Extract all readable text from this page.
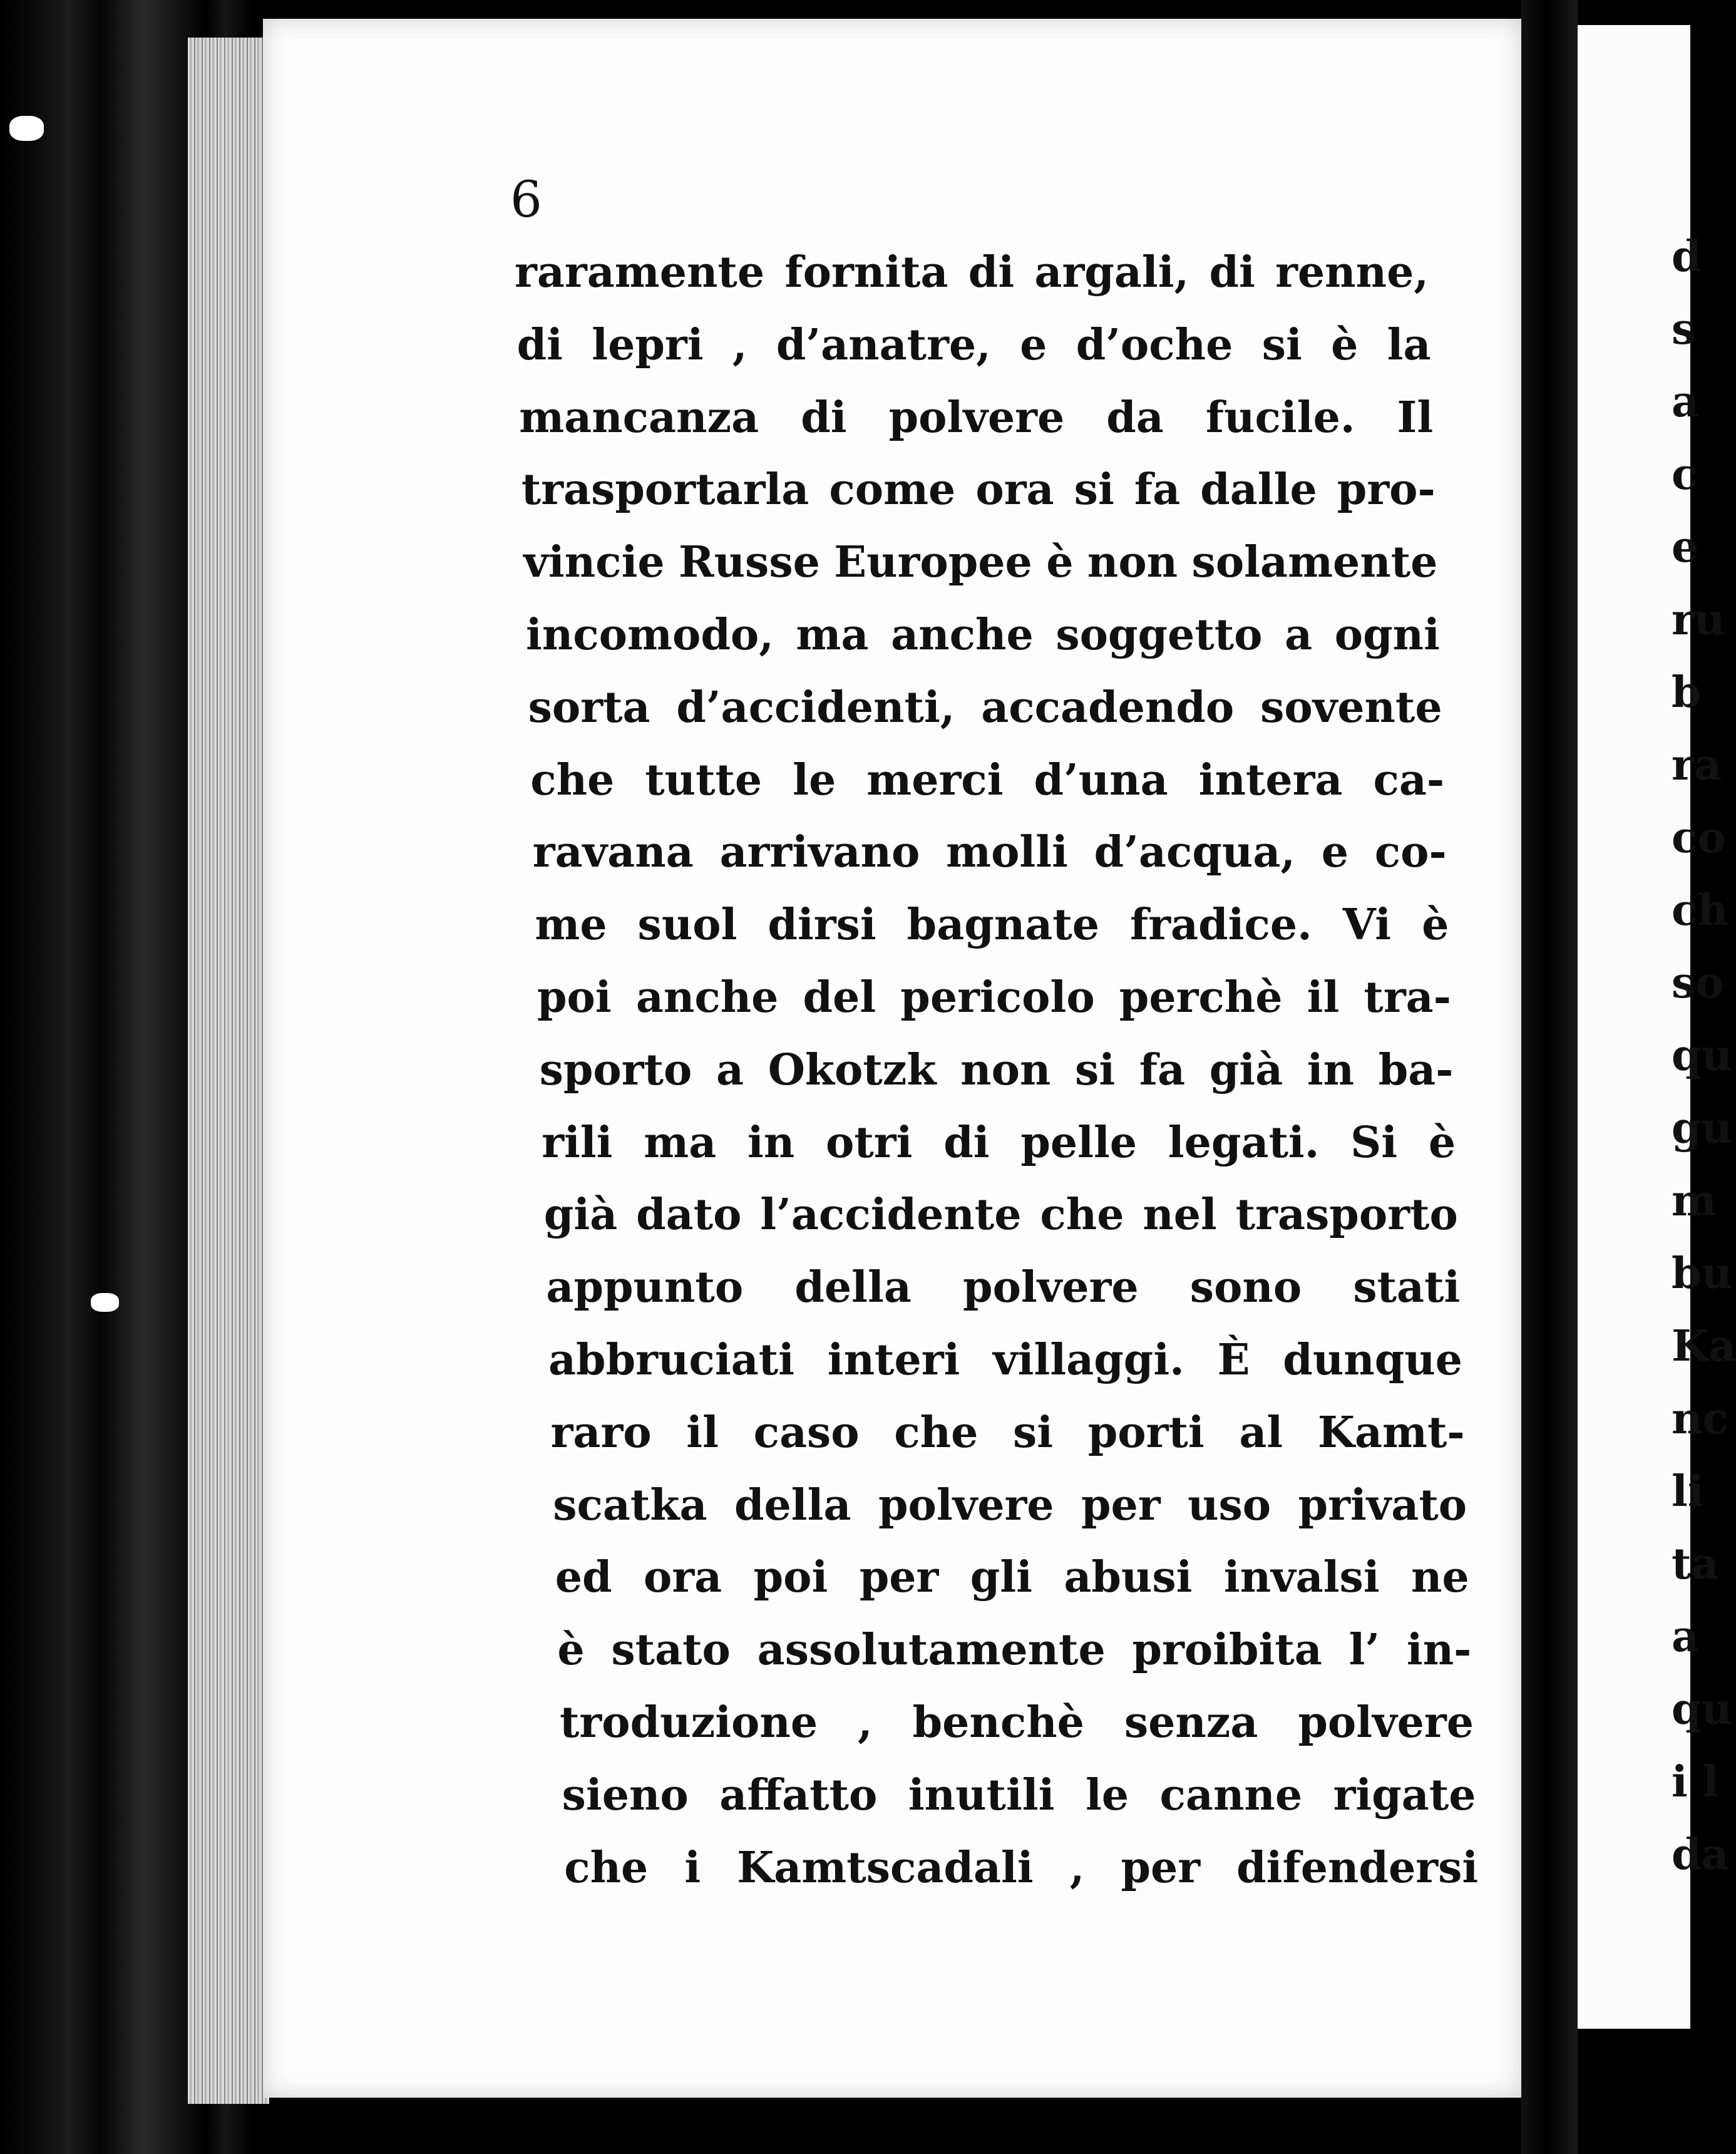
6
raramente fornita di argali, di renne,
di lepri , d’anatre, e d’oche si è la
mancanza di polvere da fucile. Il
trasportarla come ora si fa dalle pro-
vincie Russe Europee è non solamente
incomodo, ma anche soggetto a ogni
sorta d’accidenti, accadendo sovente
che tutte le merci d’una intera ca-
ravana arrivano molli d’acqua, e co-
me suol dirsi bagnate fradice. Vi è
poi anche del pericolo perchè il tra-
sporto a Okotzk non si fa già in ba-
rili ma in otri di pelle legati. Si è
già dato l’accidente che nel trasporto
appunto della polvere sono stati
abbruciati interi villaggi. È dunque
raro il caso che si porti al Kamt-
scatka della polvere per uso privato
ed ora poi per gli abusi invalsi ne
è stato assolutamente proibita l’ in-
troduzione , benchè senza polvere
sieno affatto inutili le canne rigate
che i Kamtscadali , per difendersi
d
s
a
c
e
ru
b
ra
co
ch
so
qu
gu
m
bu
Ka
nc
li
ta
a
qu
i l
da
